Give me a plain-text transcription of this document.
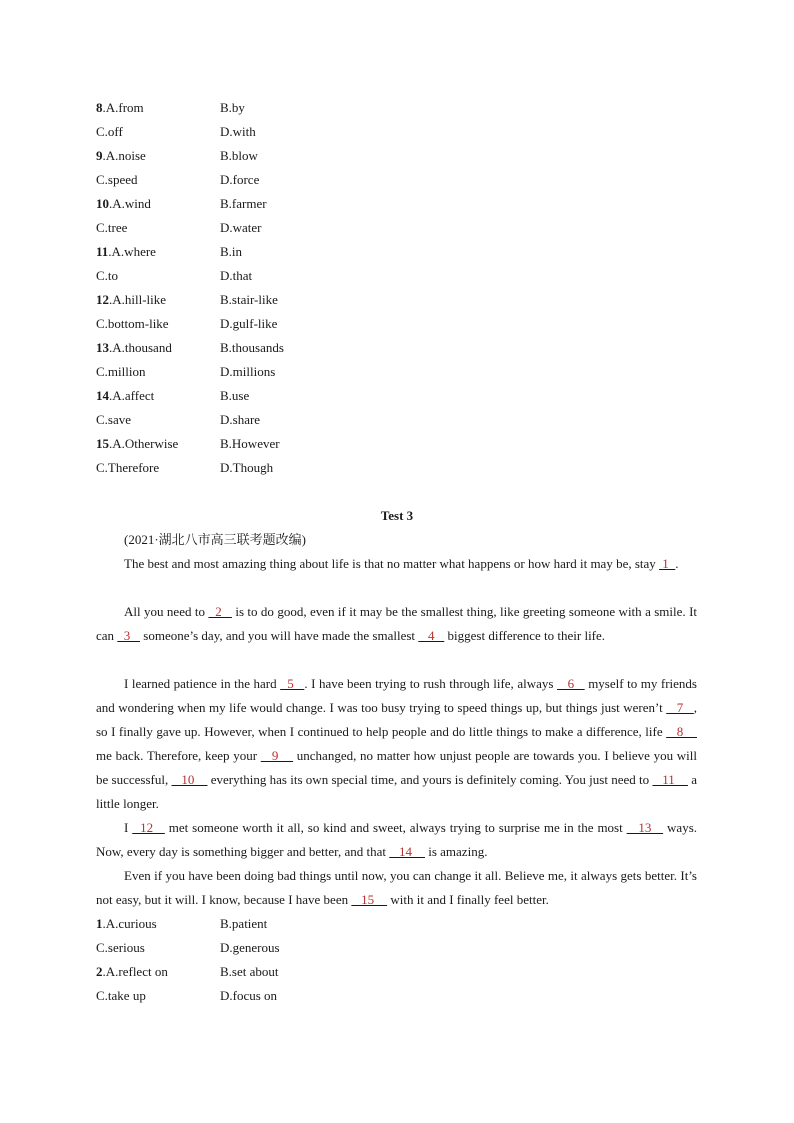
8.A.from	B.by
C.off	D.with
9.A.noise	B.blow
C.speed	D.force
10.A.wind	B.farmer
C.tree	D.water
11.A.where	B.in
C.to	D.that
12.A.hill-like	B.stair-like
C.bottom-like	D.gulf-like
13.A.thousand	B.thousands
C.million	D.millions
14.A.affect	B.use
C.save	D.share
15.A.Otherwise	B.However
C.Therefore	D.Though
Test 3
(2021·湖北八市高三联考题改编)

The best and most amazing thing about life is that no matter what happens or how hard it may be, stay  1  .

All you need to   2    is to do good, even if it may be the smallest thing, like greeting someone with a smile. It can   3    someone’s day, and you will have made the smallest    4    biggest difference to their life.

I learned patience in the hard   5   . I have been trying to rush through life, always    6    myself to my friends and wondering when my life would change. I was too busy trying to speed things up, but things just weren’t    7   , so I finally gave up. However, when I continued to help people and do little things to make a difference, life    8     me back. Therefore, keep your    9     unchanged, no matter how unjust people are towards you. I believe you will be successful,    10     everything has its own special time, and yours is definitely coming. You just need to    11     a little longer.

I   12    met someone worth it all, so kind and sweet, always trying to surprise me in the most    13    ways. Now, every day is something bigger and better, and that    14     is amazing.

Even if you have been doing bad things until now, you can change it all. Believe me, it always gets better. It’s not easy, but it will. I know, because I have been    15     with it and I finally feel better.

1.A.curious	B.patient
C.serious	D.generous
2.A.reflect on	B.set about
C.take up	D.focus on
